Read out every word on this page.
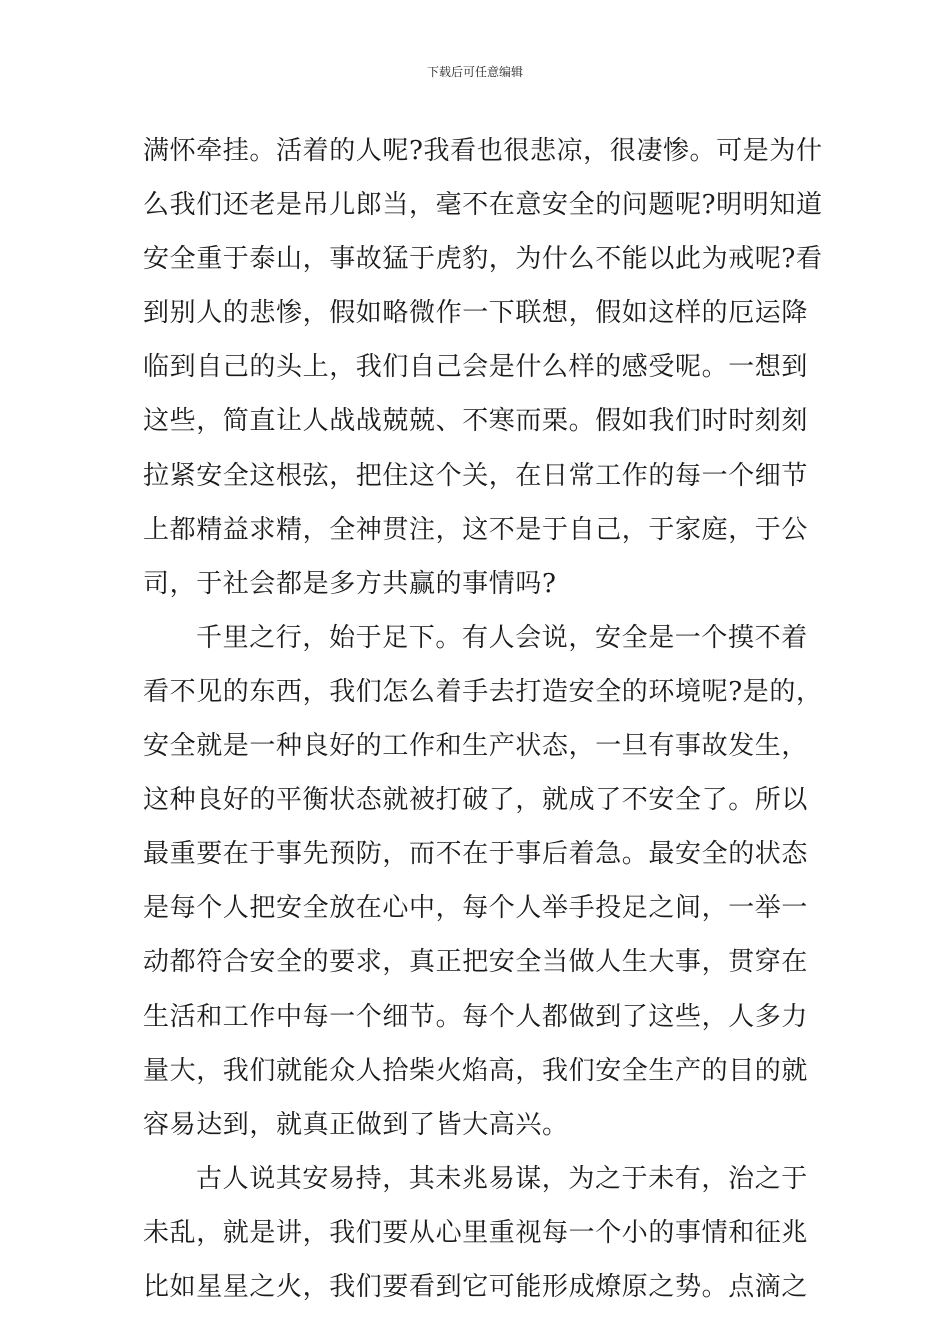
下载后可任意编辑
满怀牵挂。活着的人呢?我看也很悲凉，很凄惨。可是为什
么我们还老是吊儿郎当，毫不在意安全的问题呢?明明知道
安全重于泰山，事故猛于虎豹，为什么不能以此为戒呢?看
到别人的悲惨，假如略微作一下联想，假如这样的厄运降
临到自己的头上，我们自己会是什么样的感受呢。一想到
这些，简直让人战战兢兢、不寒而栗。假如我们时时刻刻
拉紧安全这根弦，把住这个关，在日常工作的每一个细节
上都精益求精，全神贯注，这不是于自己，于家庭，于公
司，于社会都是多方共赢的事情吗?
千里之行，始于足下。有人会说，安全是一个摸不着
看不见的东西，我们怎么着手去打造安全的环境呢?是的，
安全就是一种良好的工作和生产状态，一旦有事故发生，
这种良好的平衡状态就被打破了，就成了不安全了。所以
最重要在于事先预防，而不在于事后着急。最安全的状态
是每个人把安全放在心中，每个人举手投足之间，一举一
动都符合安全的要求，真正把安全当做人生大事，贯穿在
生活和工作中每一个细节。每个人都做到了这些，人多力
量大，我们就能众人拾柴火焰高，我们安全生产的目的就
容易达到，就真正做到了皆大高兴。
古人说其安易持，其未兆易谋，为之于未有，治之于
未乱，就是讲，我们要从心里重视每一个小的事情和征兆
比如星星之火，我们要看到它可能形成燎原之势。点滴之
